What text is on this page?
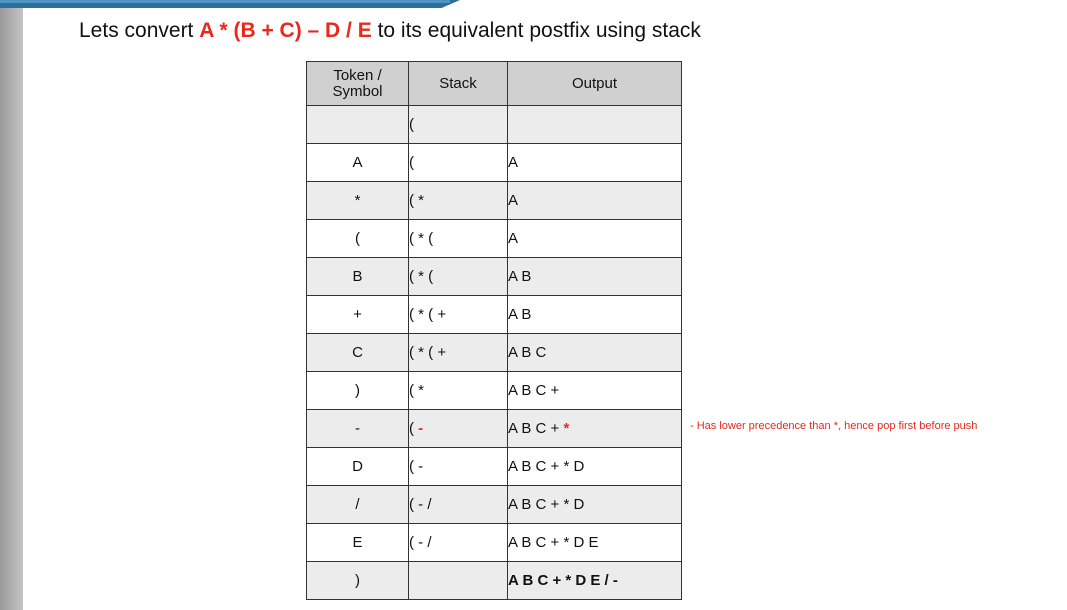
Lets convert A * (B + C) – D / E to its equivalent postfix using stack
Token / Symbol	Stack	Output
	(	
A	(	A
*	( *	A
(	( * (	A
B	( * (	A B
+	( * ( +	A B
C	( * ( +	A B C
)	( *	A B C +
-	( -	A B C + *
D	( -	A B C + * D
/	( - /	A B C + * D
E	( - /	A B C + * D E
)		A B C + * D E / -
- Has lower precedence than *, hence pop first before push
